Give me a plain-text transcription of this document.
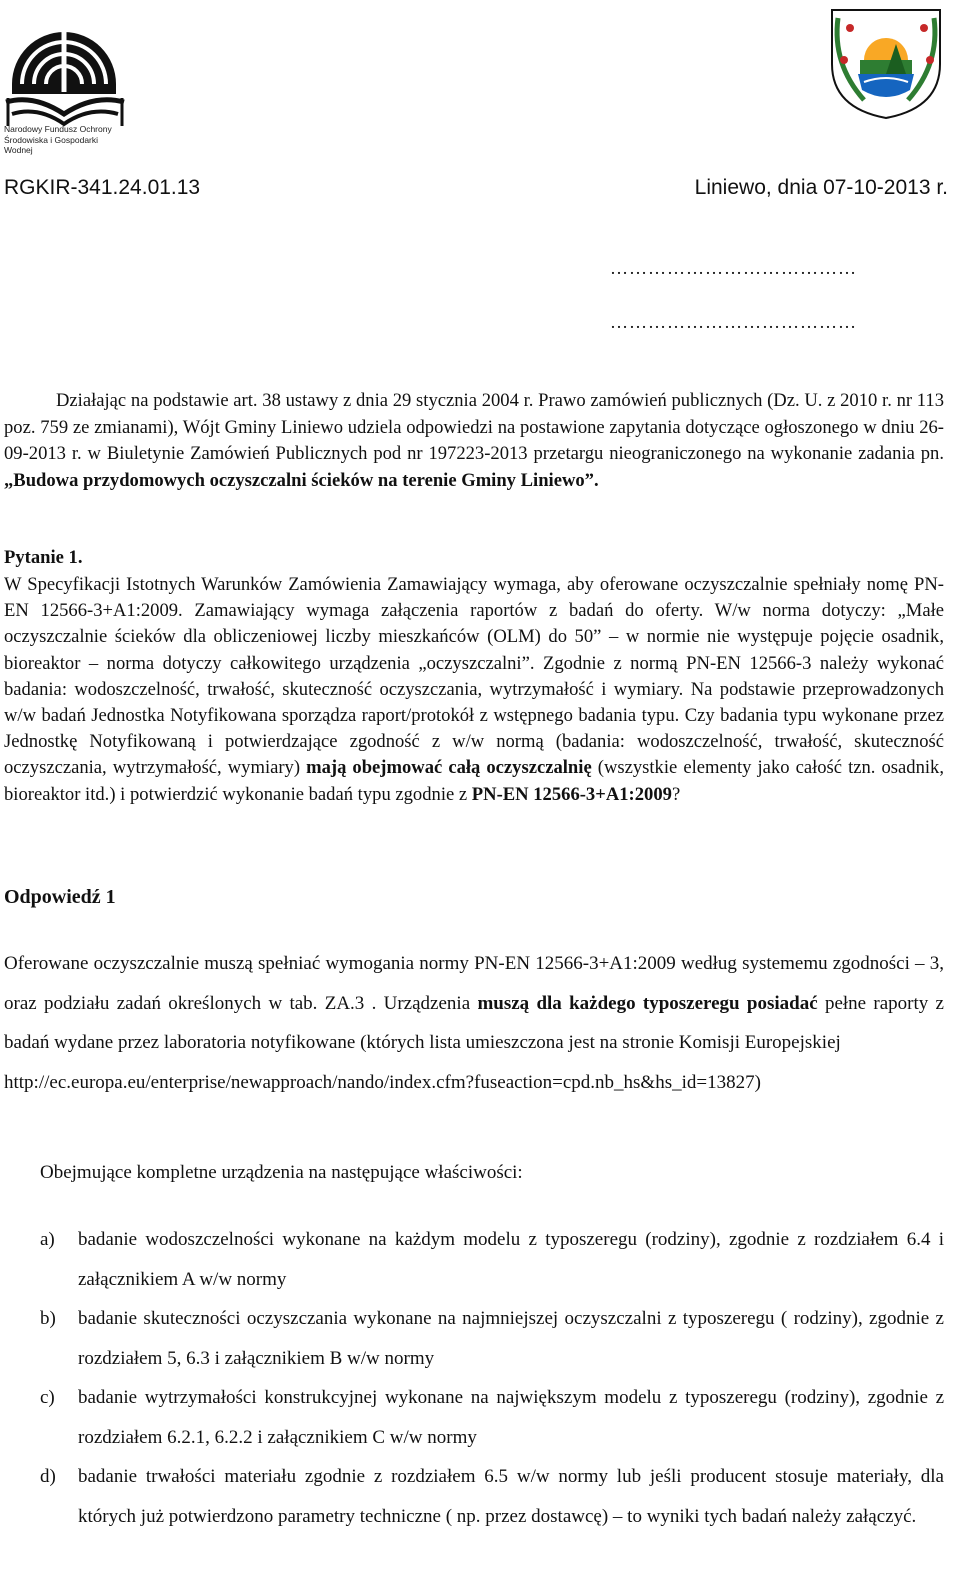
Narodowy Fundusz Ochrony
Środowiska i Gospodarki Wodnej
RGKIR-341.24.01.13	Liniewo, dnia 07-10-2013 r.
…………………………………
…………………………………

Działając na podstawie art. 38 ustawy z dnia 29 stycznia 2004 r. Prawo zamówień publicznych (Dz. U. z 2010 r. nr 113 poz. 759 ze zmianami), Wójt Gminy Liniewo udziela odpowiedzi na postawione zapytania dotyczące ogłoszonego w dniu 26-09-2013 r. w Biuletynie Zamówień Publicznych pod nr 197223-2013 przetargu nieograniczonego na wykonanie zadania pn. „Budowa przydomowych oczyszczalni ścieków na terenie Gminy Liniewo”.

Pytanie 1.

W Specyfikacji Istotnych Warunków Zamówienia Zamawiający wymaga, aby oferowane oczyszczalnie spełniały nomę PN-EN 12566-3+A1:2009. Zamawiający wymaga załączenia raportów z badań do oferty. W/w norma dotyczy: „Małe oczyszczalnie ścieków dla obliczeniowej liczby mieszkańców (OLM) do 50” – w normie nie występuje pojęcie osadnik, bioreaktor – norma dotyczy całkowitego urządzenia „oczyszczalni”. Zgodnie z normą PN-EN 12566-3 należy wykonać badania: wodoszczelność, trwałość, skuteczność oczyszczania, wytrzymałość i wymiary. Na podstawie przeprowadzonych w/w badań Jednostka Notyfikowana sporządza raport/protokół z wstępnego badania typu. Czy badania typu wykonane przez Jednostkę Notyfikowaną i potwierdzające zgodność z w/w normą (badania: wodoszczelność, trwałość, skuteczność oczyszczania, wytrzymałość, wymiary) mają obejmować całą oczyszczalnię (wszystkie elementy jako całość tzn. osadnik, bioreaktor itd.) i potwierdzić wykonanie badań typu zgodnie z PN-EN 12566-3+A1:2009?

Odpowiedź 1

Oferowane oczyszczalnie muszą spełniać wymogania normy PN-EN 12566-3+A1:2009 według systememu zgodności – 3, oraz podziału zadań określonych w tab. ZA.3 . Urządzenia muszą dla każdego typoszeregu posiadać pełne raporty z badań wydane przez laboratoria notyfikowane (których lista umieszczona jest na stronie Komisji Europejskiej
http://ec.europa.eu/enterprise/newapproach/nando/index.cfm?fuseaction=cpd.nb_hs&hs_id=13827)

Obejmujące kompletne urządzenia na następujące właściwości:
a) badanie wodoszczelności wykonane na każdym modelu z typoszeregu (rodziny), zgodnie z rozdziałem 6.4 i załącznikiem A w/w normy
b) badanie skuteczności oczyszczania wykonane na najmniejszej oczyszczalni z typoszeregu ( rodziny), zgodnie z rozdziałem 5, 6.3 i załącznikiem B w/w normy
c) badanie wytrzymałości konstrukcyjnej wykonane na największym modelu z typoszeregu (rodziny), zgodnie z rozdziałem 6.2.1, 6.2.2 i załącznikiem C w/w normy
d) badanie trwałości materiału zgodnie z rozdziałem 6.5 w/w normy lub jeśli producent stosuje materiały, dla których już potwierdzono parametry techniczne ( np. przez dostawcę) – to wyniki tych badań należy załączyć.
